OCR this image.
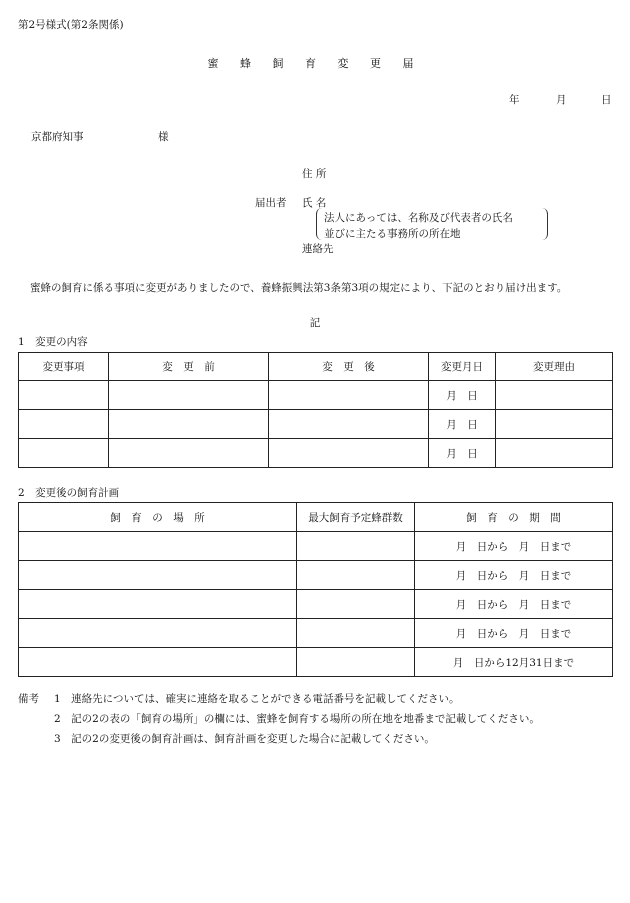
第2号様式(第2条関係)
蜜 蜂 飼 育 変 更 届
年	月	日
京都府知事	様
住 所
届出者 氏 名
法人にあっては、名称及び代表者の氏名
並びに主たる事務所の所在地
連絡先
蜜蜂の飼育に係る事項に変更がありましたので、養蜂振興法第3条第3項の規定により、下記のとおり届け出ます。
記
1　変更の内容
変更事項	変　更　前	変　更　後	変更月日	変更理由
			月　日	
			月　日	
			月　日	
2　変更後の飼育計画
飼　育　の　場　所	最大飼育予定蜂群数	飼　育　の　期　間
		月　日から　月　日まで
		月　日から　月　日まで
		月　日から　月　日まで
		月　日から　月　日まで
		月　日から12月31日まで
備考 1　連絡先については、確実に連絡を取ることができる電話番号を記載してください。
2　記の2の表の「飼育の場所」の欄には、蜜蜂を飼育する場所の所在地を地番まで記載してください。
3　記の2の変更後の飼育計画は、飼育計画を変更した場合に記載してください。
